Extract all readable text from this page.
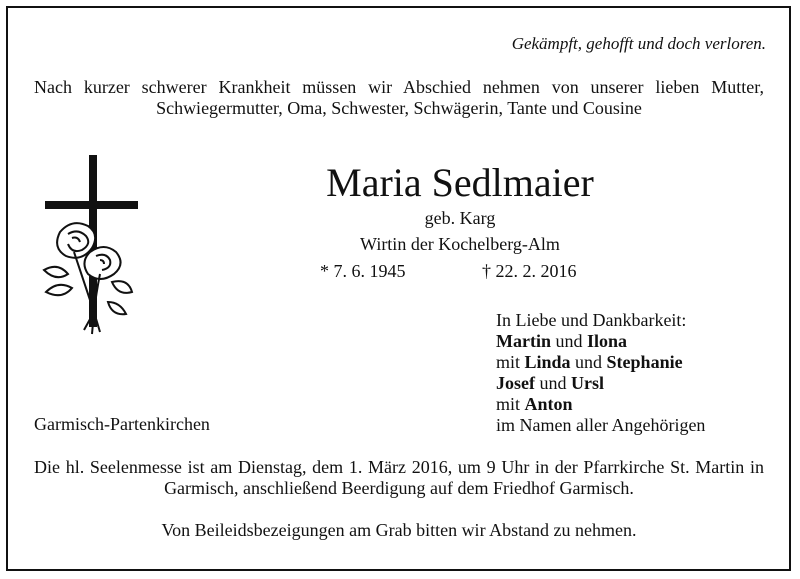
Gekämpft, gehofft und doch verloren.
Nach kurzer schwerer Krankheit müssen wir Abschied nehmen von unserer lieben Mutter, Schwiegermutter, Oma, Schwester, Schwägerin, Tante und Cousine
Maria Sedlmaier
geb. Karg
Wirtin der Kochelberg-Alm
* 7. 6. 1945	† 22. 2. 2016
In Liebe und Dankbarkeit:
Martin und Ilona
mit Linda und Stephanie
Josef und Ursl
mit Anton
im Namen aller Angehörigen
Garmisch-Partenkirchen
Die hl. Seelenmesse ist am Dienstag, dem 1. März 2016, um 9 Uhr in der Pfarrkirche St. Martin in Garmisch, anschließend Beerdigung auf dem Friedhof Garmisch.
Von Beileidsbezeigungen am Grab bitten wir Abstand zu nehmen.
